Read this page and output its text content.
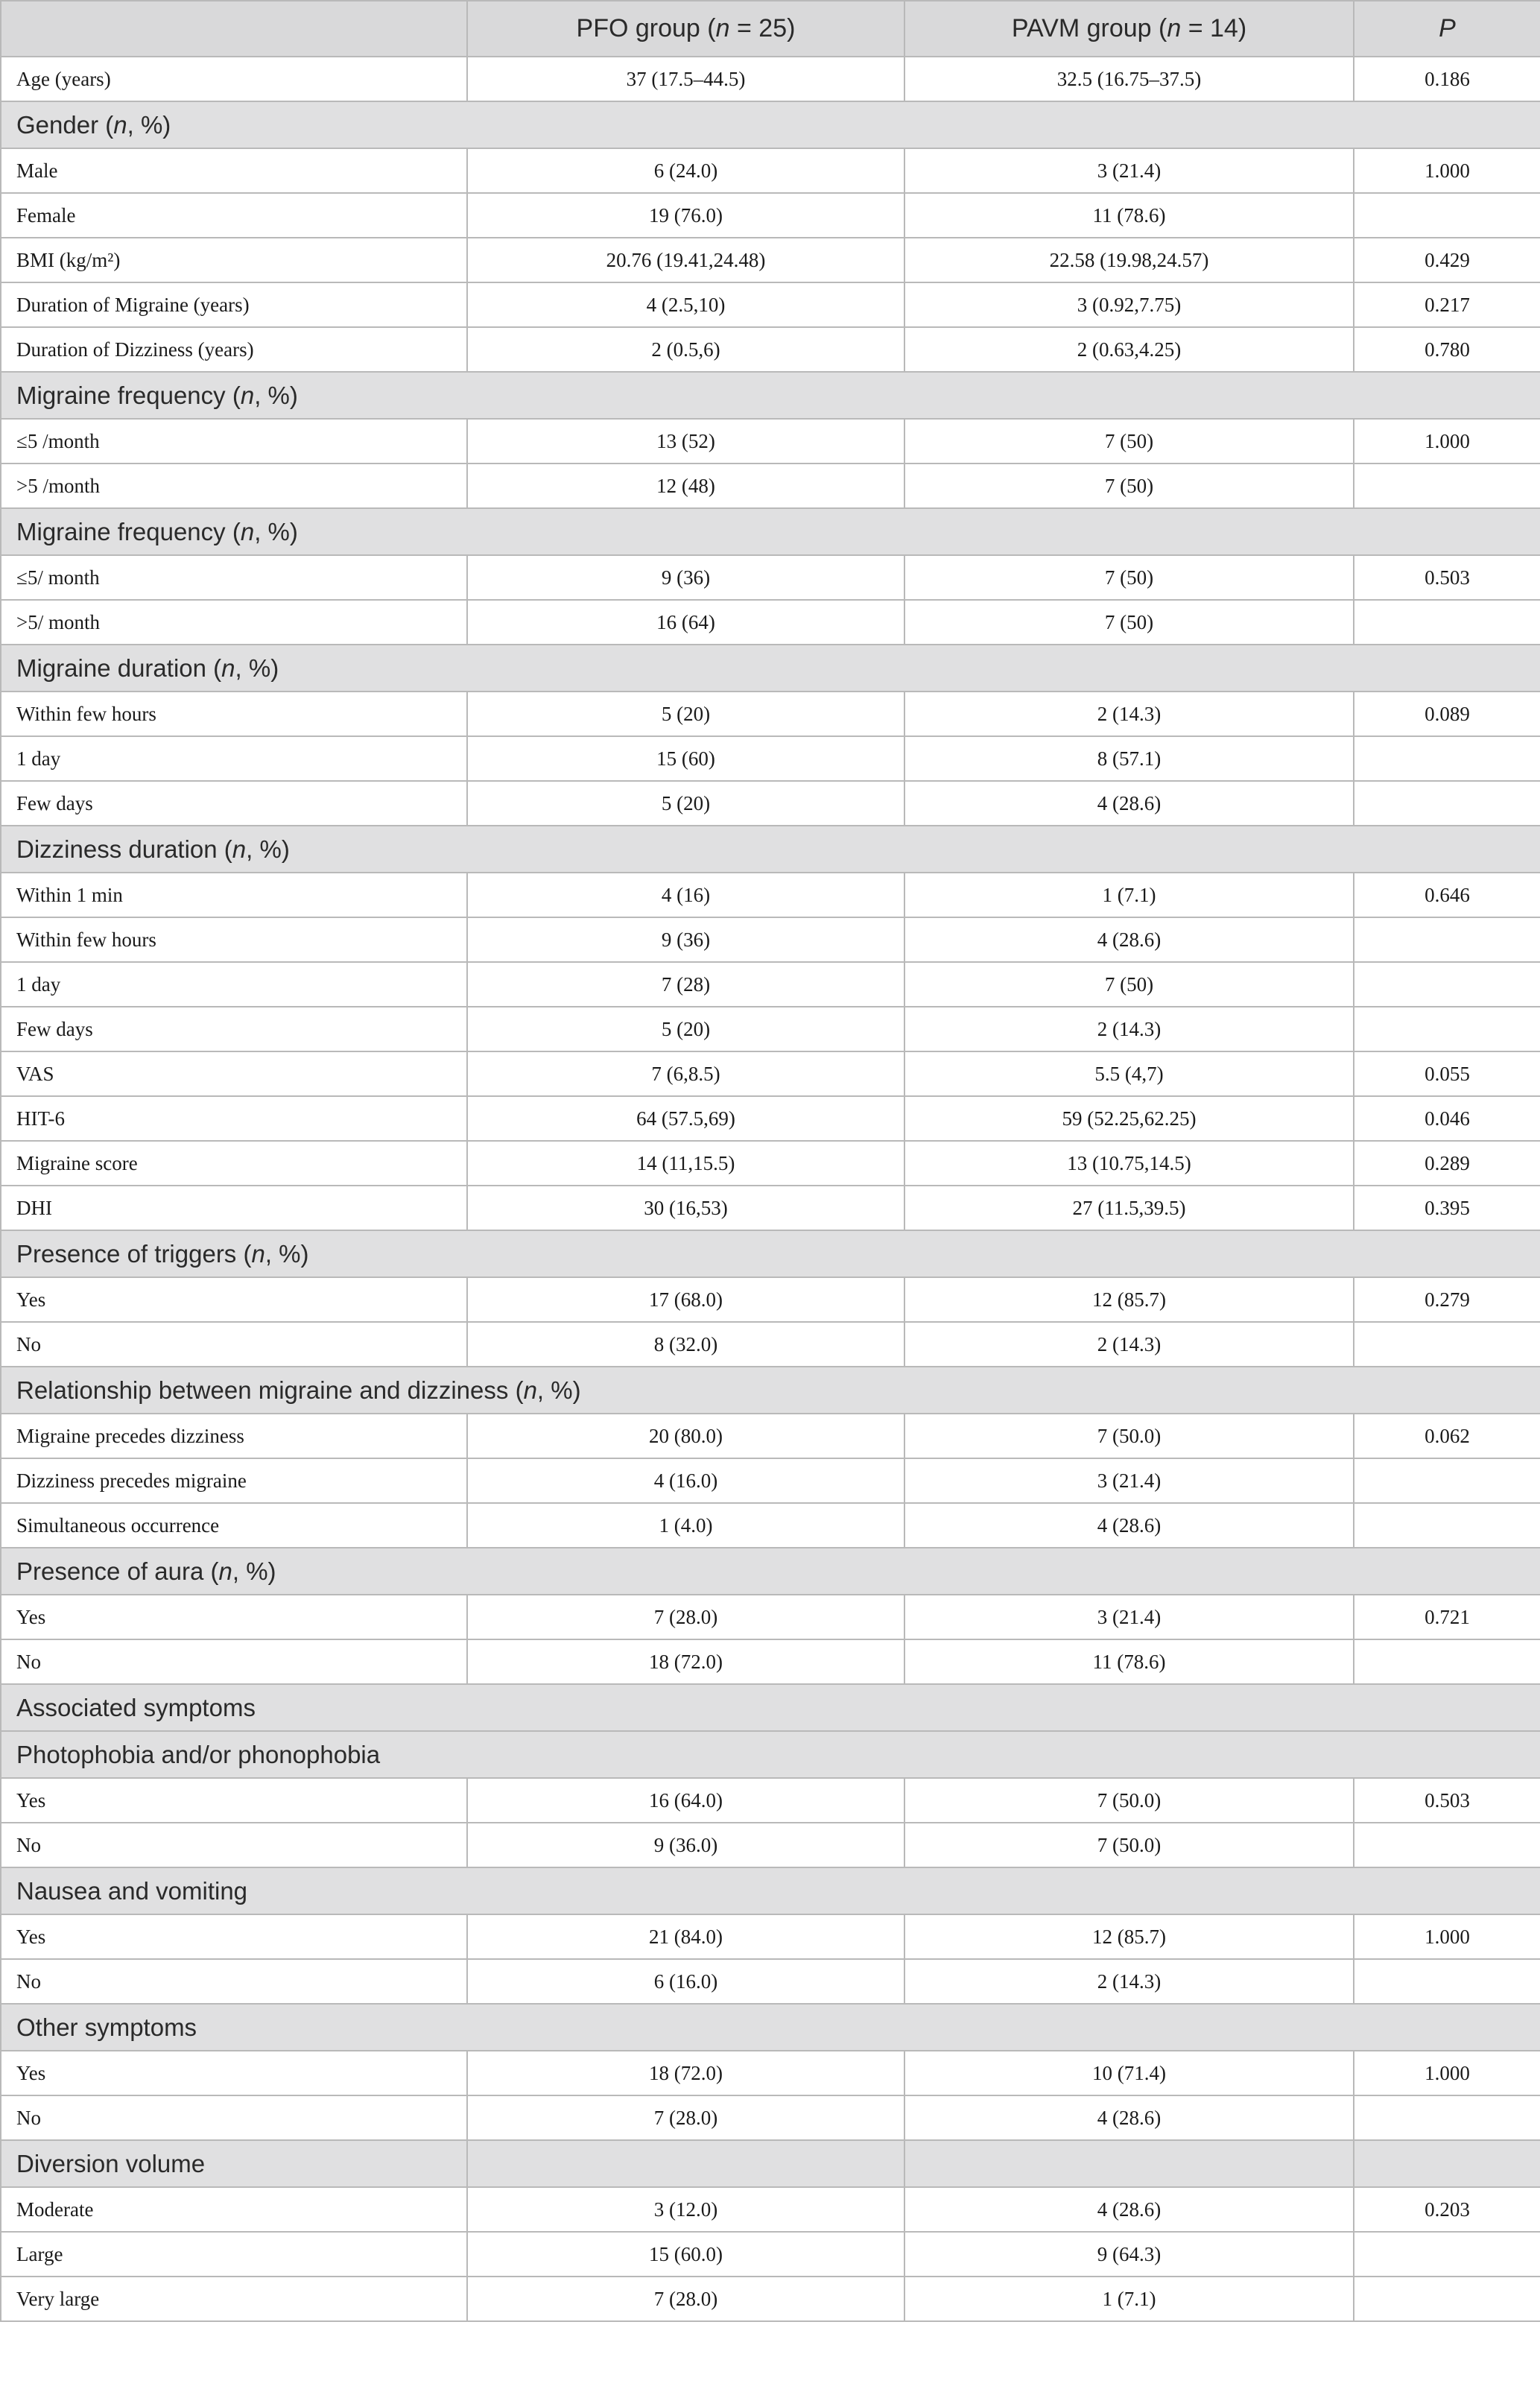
	PFO group (n = 25)	PAVM group (n = 14)	P
Age (years)	37 (17.5–44.5)	32.5 (16.75–37.5)	0.186
Gender (n, %)			
Male	6 (24.0)	3 (21.4)	1.000
Female	19 (76.0)	11 (78.6)	
BMI (kg/m²)	20.76 (19.41,24.48)	22.58 (19.98,24.57)	0.429
Duration of Migraine (years)	4 (2.5,10)	3 (0.92,7.75)	0.217
Duration of Dizziness (years)	2 (0.5,6)	2 (0.63,4.25)	0.780
Migraine frequency (n, %)			
≤5 /month	13 (52)	7 (50)	1.000
>5 /month	12 (48)	7 (50)	
Migraine frequency (n, %)			
≤5/ month	9 (36)	7 (50)	0.503
>5/ month	16 (64)	7 (50)	
Migraine duration (n, %)			
Within few hours	5 (20)	2 (14.3)	0.089
1 day	15 (60)	8 (57.1)	
Few days	5 (20)	4 (28.6)	
Dizziness duration (n, %)			
Within 1 min	4 (16)	1 (7.1)	0.646
Within few hours	9 (36)	4 (28.6)	
1 day	7 (28)	7 (50)	
Few days	5 (20)	2 (14.3)	
VAS	7 (6,8.5)	5.5 (4,7)	0.055
HIT-6	64 (57.5,69)	59 (52.25,62.25)	0.046
Migraine score	14 (11,15.5)	13 (10.75,14.5)	0.289
DHI	30 (16,53)	27 (11.5,39.5)	0.395
Presence of triggers (n, %)			
Yes	17 (68.0)	12 (85.7)	0.279
No	8 (32.0)	2 (14.3)	
Relationship between migraine and dizziness (n, %)			
Migraine precedes dizziness	20 (80.0)	7 (50.0)	0.062
Dizziness precedes migraine	4 (16.0)	3 (21.4)	
Simultaneous occurrence	1 (4.0)	4 (28.6)	
Presence of aura (n, %)			
Yes	7 (28.0)	3 (21.4)	0.721
No	18 (72.0)	11 (78.6)	
Associated symptoms			
Photophobia and/or phonophobia			
Yes	16 (64.0)	7 (50.0)	0.503
No	9 (36.0)	7 (50.0)	
Nausea and vomiting			
Yes	21 (84.0)	12 (85.7)	1.000
No	6 (16.0)	2 (14.3)	
Other symptoms			
Yes	18 (72.0)	10 (71.4)	1.000
No	7 (28.0)	4 (28.6)	
Diversion volume			
Moderate	3 (12.0)	4 (28.6)	0.203
Large	15 (60.0)	9 (64.3)	
Very large	7 (28.0)	1 (7.1)	
